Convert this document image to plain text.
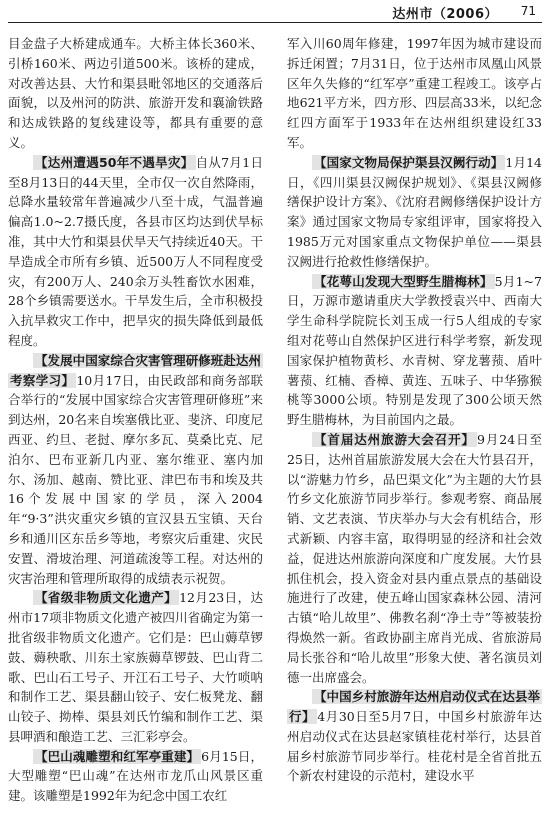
达州市（2006） 71

目金盘子大桥建成通车。大桥主体长360米、引桥160米、两边引道500米。该桥的建成，对改善达县、大竹和渠县毗邻地区的交通落后面貌，以及州河的防洪、旅游开发和襄渝铁路和达成铁路的复线建设等，都具有重要的意义。

【达州遭遇50年不遇旱灾】 自从7月1日至8月13日的44天里，全市仅一次自然降雨，总降水量较常年普遍减少八至十成，气温普遍偏高1.0~2.7摄氏度，各县市区均达到伏旱标准，其中大竹和渠县伏旱天气持续近40天。干旱造成全市所有乡镇、近500万人不同程度受灾，有200万人、240余万头牲畜饮水困难，28个乡镇需要送水。干旱发生后，全市积极投入抗旱救灾工作中，把旱灾的损失降低到最低程度。

【发展中国家综合灾害管理研修班赴达州考察学习】 10月17日，由民政部和商务部联合举行的“发展中国家综合灾害管理研修班”来到达州，20名来自埃塞俄比亚、斐济、印度尼西亚、约旦、老挝、摩尔多瓦、莫桑比克、尼泊尔、巴布亚新几内亚、塞尔维亚、塞内加尔、汤加、越南、赞比亚、津巴布韦和埃及共16个发展中国家的学员，深入2004年“9·3”洪灾重灾乡镇的宣汉县五宝镇、天台乡和通川区东岳乡等地，考察灾后重建、灾民安置、滑坡治理、河道疏浚等工程。对达州的灾害治理和管理所取得的成绩表示祝贺。

【省级非物质文化遗产】 12月23日，达州市17项非物质文化遗产被四川省确定为第一批省级非物质文化遗产。它们是：巴山薅草锣鼓、薅秧歌、川东土家族薅草锣鼓、巴山背二歌、巴山石工号子、开江石工号子、大竹唢呐和制作工艺、渠县翻山铰子、安仁板凳龙、翻山铰子、拗棒、渠县刘氏竹编和制作工艺、渠县呷酒和酿造工艺、三汇彩亭会。

【巴山魂雕塑和红军亭重建】 6月15日，大型雕塑“巴山魂”在达州市龙爪山风景区重建。该雕塑是1992年为纪念中国工农红

军入川60周年修建，1997年因为城市建设而拆迁闲置；7月31日，位于达州市凤凰山风景区年久失修的“红军亭”重建工程竣工。该亭占地621平方米，四方形、四层高33米，以纪念红四方面军于1933年在达州组织建设红33军。

【国家文物局保护渠县汉阙行动】 1月14日，《四川渠县汉阙保护规划》、《渠县汉阙修缮保护设计方案》、《沈府君阙修缮保护设计方案》通过国家文物局专家组评审，国家将投入1985万元对国家重点文物保护单位——渠县汉阙进行抢救性修缮保护。

【花萼山发现大型野生腊梅林】 5月1~7日，万源市邀请重庆大学教授袁兴中、西南大学生命科学院院长刘玉成一行5人组成的专家组对花萼山自然保护区进行科学考察，新发现国家保护植物黄杉、水青树、穿龙薯蓣、盾叶薯蓣、红楠、香樟、黄连、五味子、中华猕猴桃等3000公顷。特别是发现了300公顷天然野生腊梅林，为目前国内之最。

【首届达州旅游大会召开】 9月24日至25日，达州首届旅游发展大会在大竹县召开，以“游魅力竹乡，品巴渠文化”为主题的大竹县竹乡文化旅游节同步举行。参观考察、商品展销、文艺表演、节庆举办与大会有机结合，形式新颖、内容丰富，取得明显的经济和社会效益，促进达州旅游向深度和广度发展。大竹县抓住机会，投入资金对县内重点景点的基础设施进行了改建，使五峰山国家森林公园、清河古镇“哈儿故里”、佛教名刹“净土寺”等被装扮得焕然一新。省政协副主席肖光成、省旅游局局长张谷和“哈儿故里”形象大使、著名演员刘德一出席盛会。

【中国乡村旅游年达州启动仪式在达县举行】 4月30日至5月7日，中国乡村旅游年达州启动仪式在达县赵家镇桂花村举行，达县首届乡村旅游节同步举行。桂花村是全省首批五个新农村建设的示范村，建设水平
